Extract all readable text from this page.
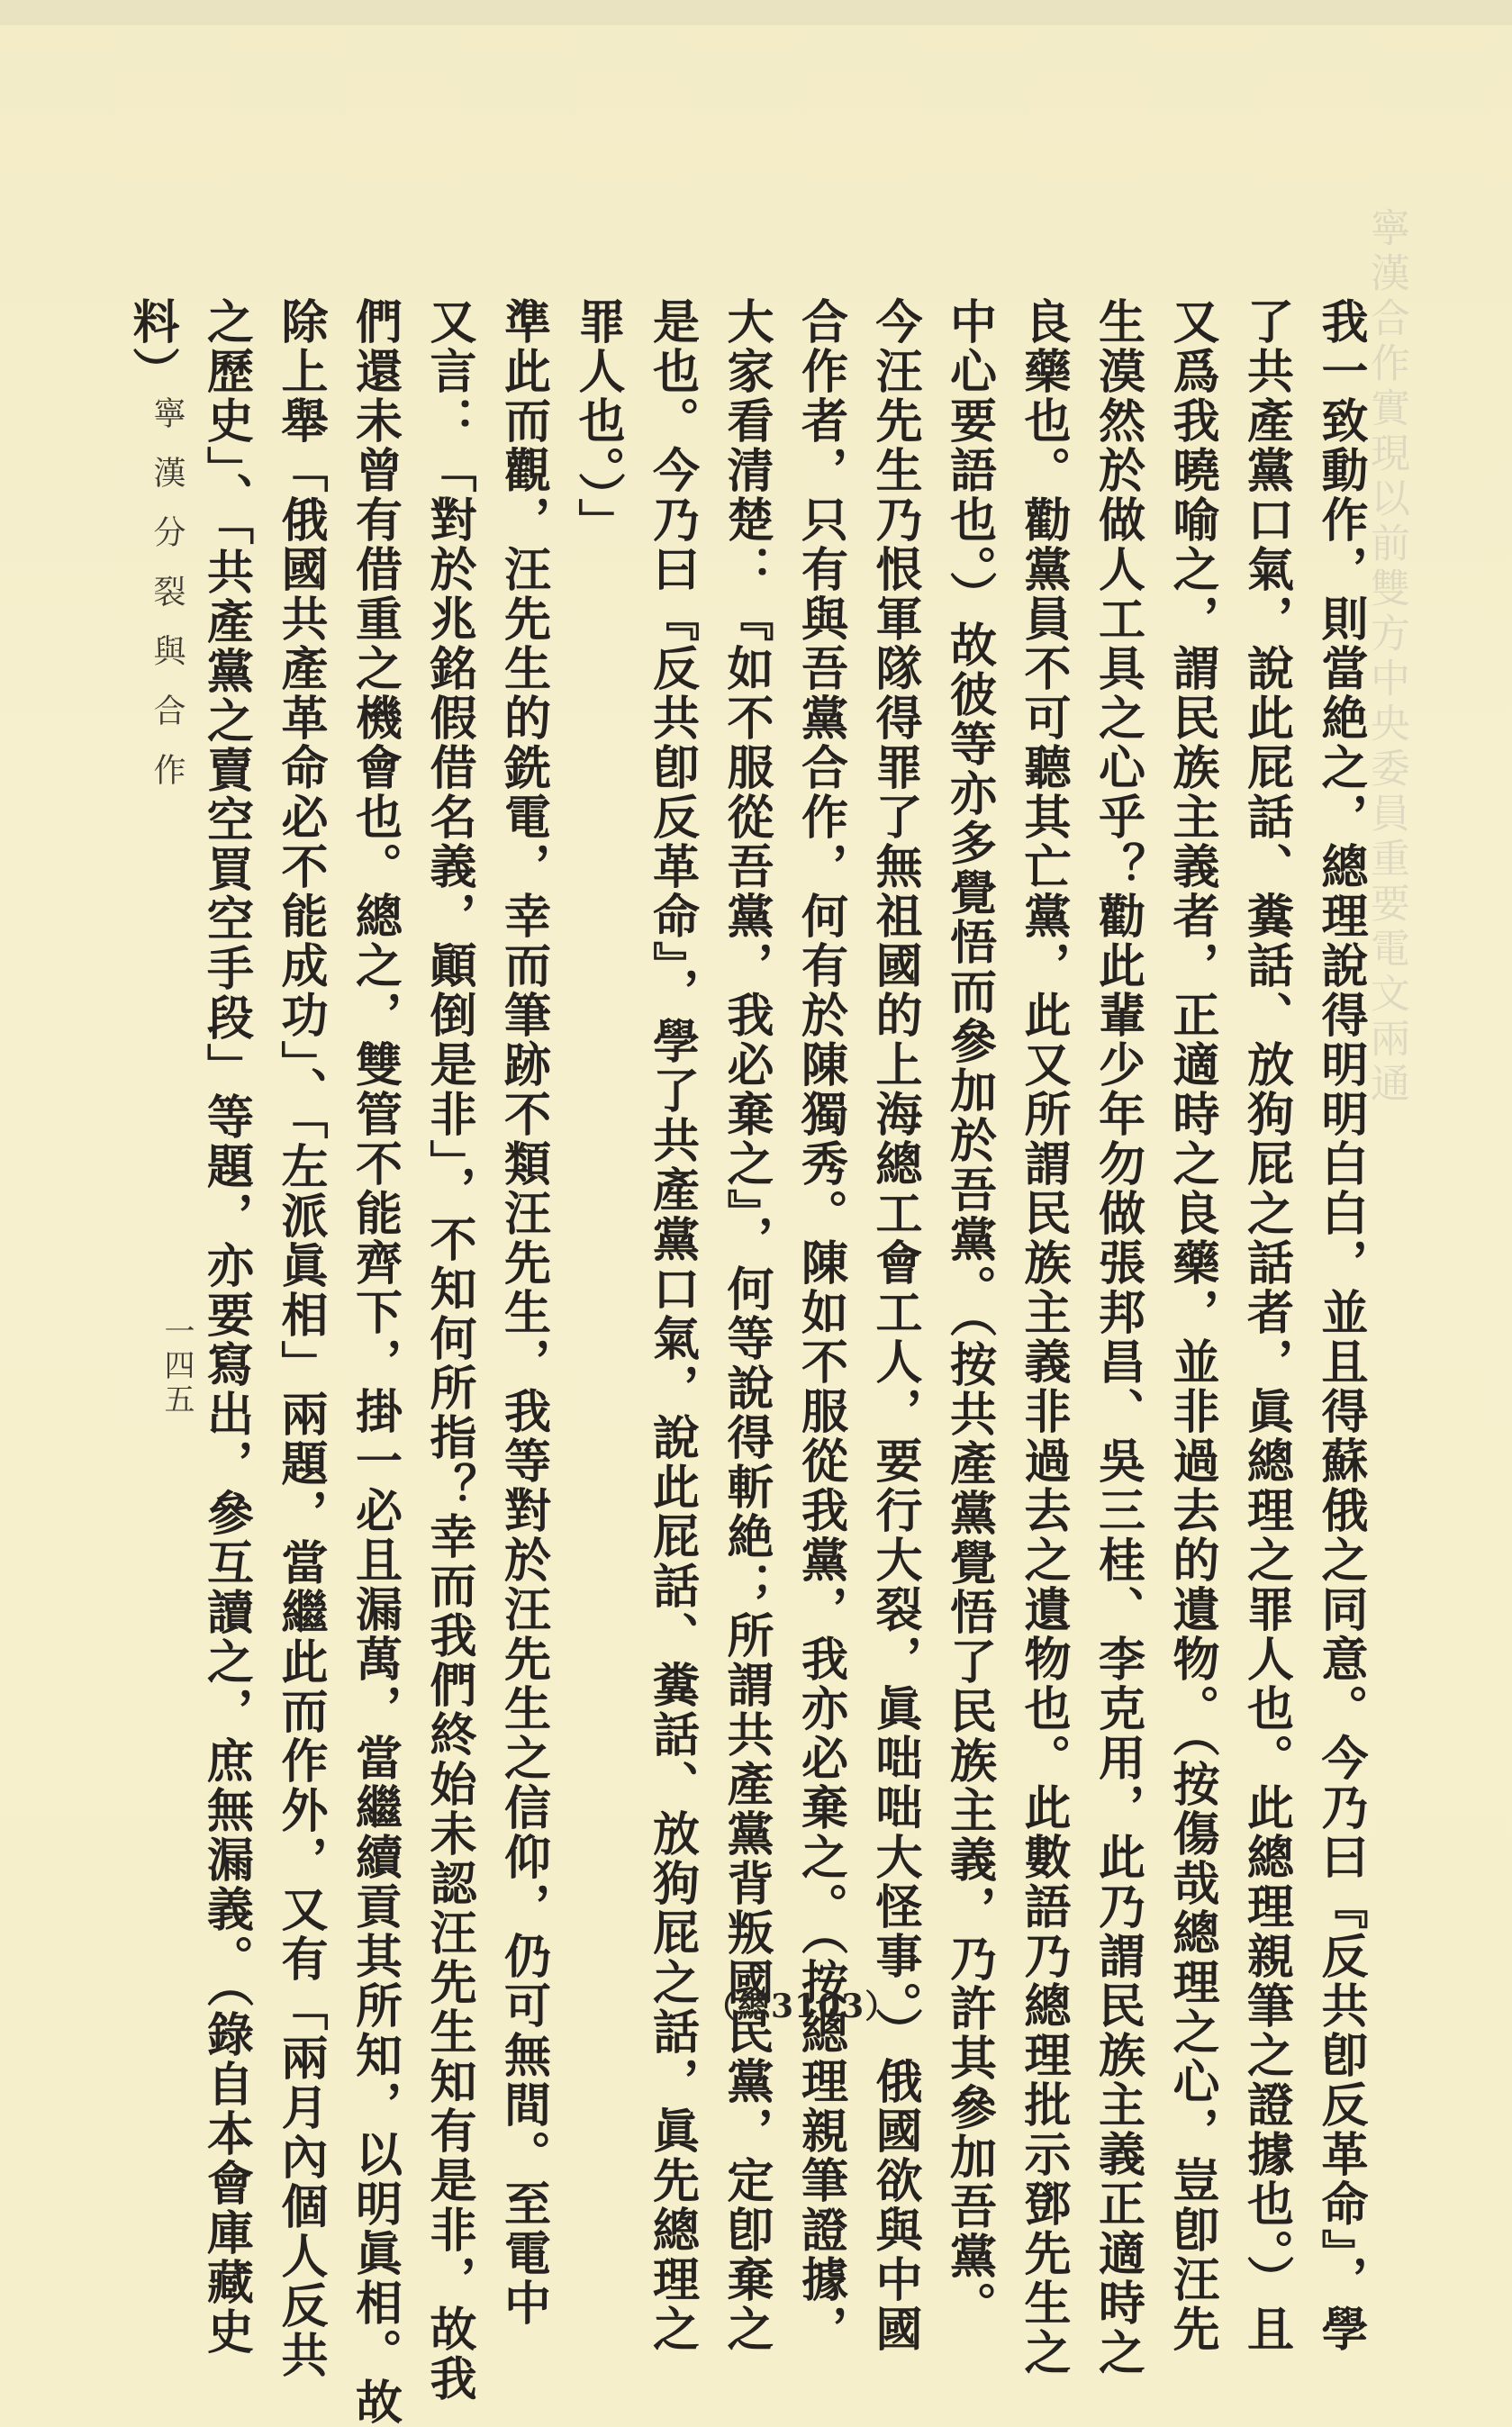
寧漢合作實現以前雙方中央委員重要電文兩通
我一致動作，則當絶之，總理說得明明白白，並且得蘇俄之同意。今乃曰『反共卽反革命』，學
了共產黨口氣，說此屁話、糞話、放狗屁之話者，眞總理之罪人也。此總理親筆之證據也。）且
又爲我曉喻之，謂民族主義者，正適時之良藥，並非過去的遺物。（按傷哉總理之心，豈卽汪先
生漠然於做人工具之心乎？勸此輩少年勿做張邦昌、吳三桂、李克用，此乃謂民族主義正適時之
良藥也。勸黨員不可聽其亡黨，此又所謂民族主義非過去之遺物也。此數語乃總理批示鄧先生之
中心要語也。）故彼等亦多覺悟而參加於吾黨。（按共產黨覺悟了民族主義，乃許其參加吾黨。
今汪先生乃恨軍隊得罪了無祖國的上海總工會工人，要行大裂，眞咄咄大怪事。）俄國欲與中國
合作者，只有與吾黨合作，何有於陳獨秀。陳如不服從我黨，我亦必棄之。（按總理親筆證據，
大家看清楚：『如不服從吾黨，我必棄之』，何等說得斬絶；所謂共產黨背叛國民黨，定卽棄之
是也。今乃曰『反共卽反革命』，學了共產黨口氣，說此屁話、糞話、放狗屁之話，眞先總理之
罪人也。）」
準此而觀，汪先生的銑電，幸而筆跡不類汪先生，我等對於汪先生之信仰，仍可無間。至電中
又言：「對於兆銘假借名義，顚倒是非」，不知何所指？幸而我們終始未認汪先生知有是非，故我
們還未曾有借重之機會也。總之，雙管不能齊下，掛一必且漏萬，當繼續貢其所知，以明眞相。故
除上舉「俄國共產革命必不能成功」、「左派眞相」兩題，當繼此而作外，又有「兩月內個人反共
之歷史」、「共產黨之賣空買空手段」等題，亦要寫出，參互讀之，庶無漏義。（錄自本會庫藏史
料）
寧漢分裂與合作
一四五
（總3103）
